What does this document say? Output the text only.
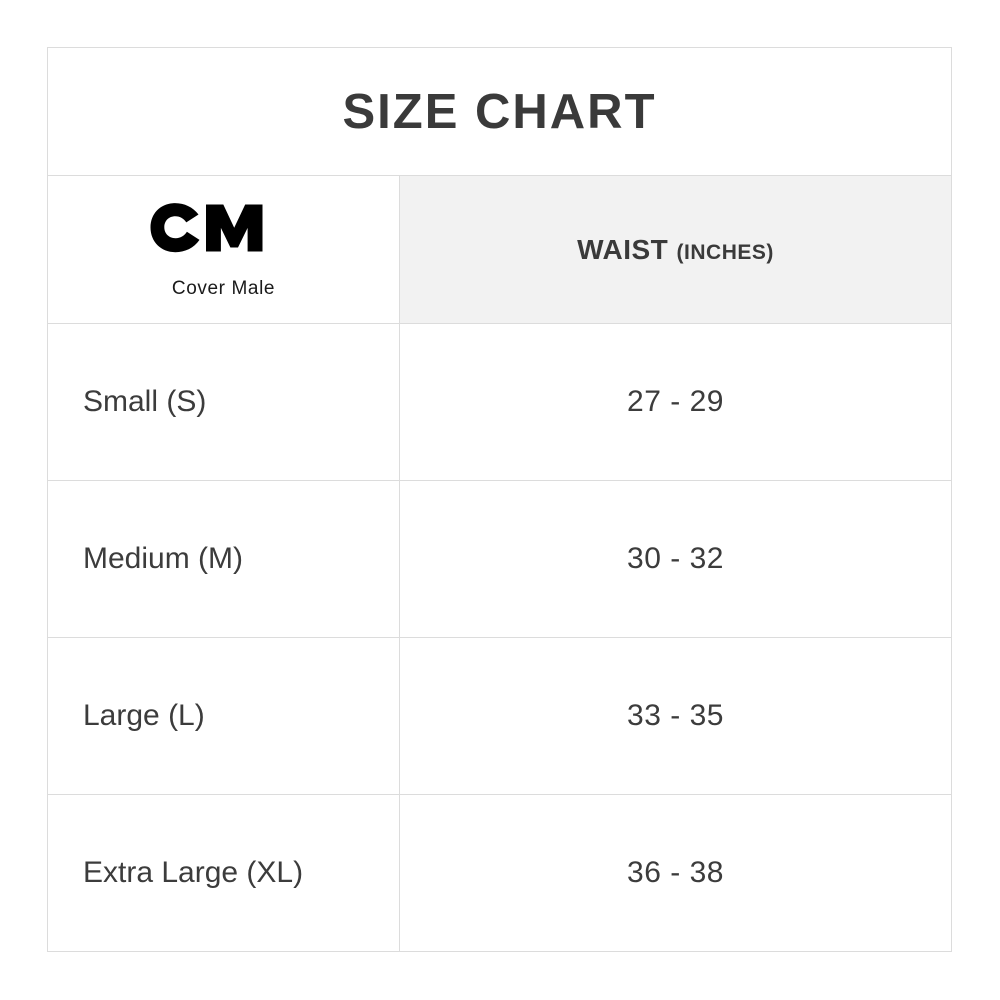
SIZE CHART
Cover Male
WAIST (INCHES)
Small (S)	27 - 29
Medium (M)	30 - 32
Large (L)	33 - 35
Extra Large (XL)	36 - 38
